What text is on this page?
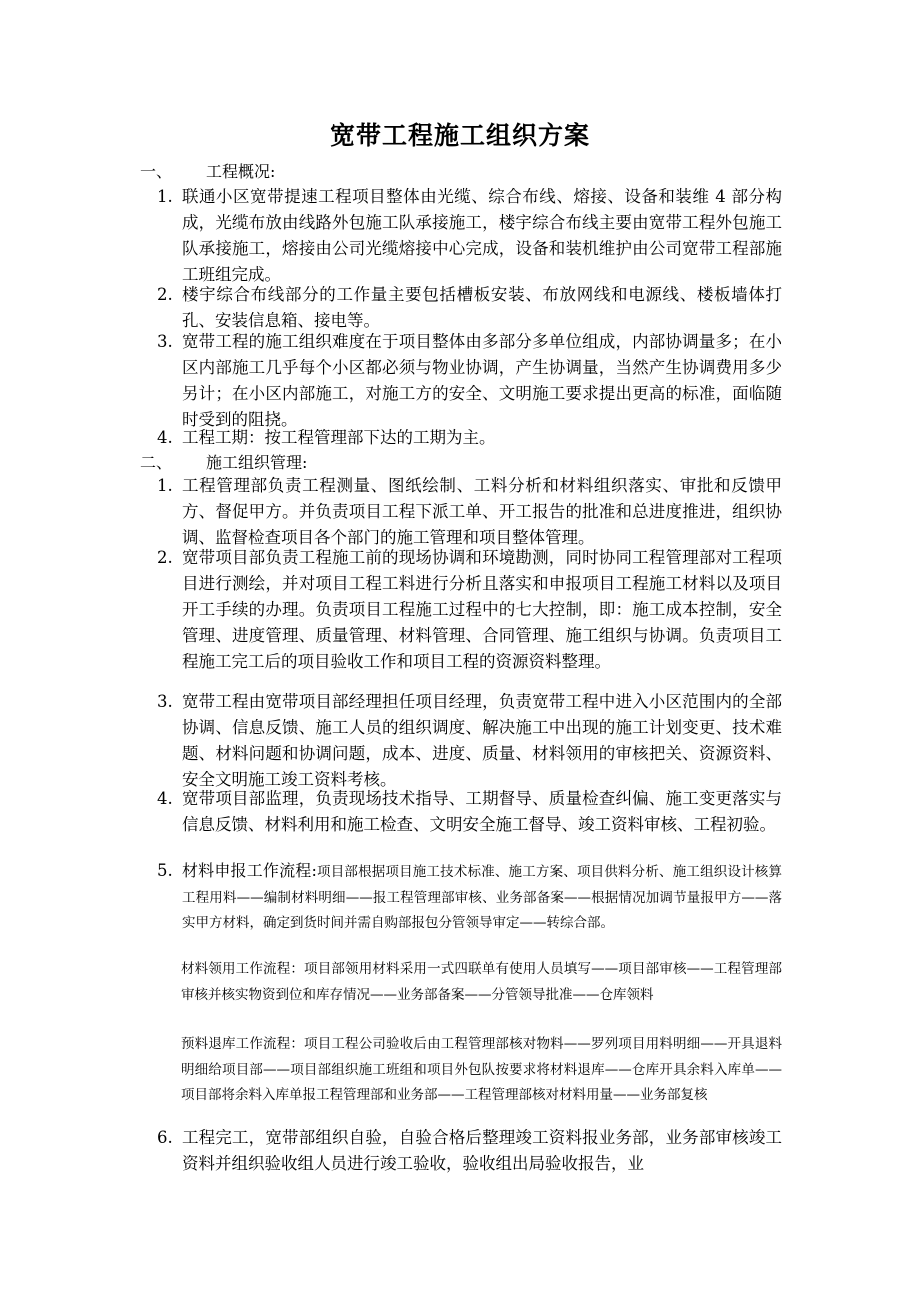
宽带工程施工组织方案
一、 工程概况:
1. 联通小区宽带提速工程项目整体由光缆、综合布线、熔接、设备和装维 4 部分构成，光缆布放由线路外包施工队承接施工，楼宇综合布线主要由宽带工程外包施工队承接施工，熔接由公司光缆熔接中心完成，设备和装机维护由公司宽带工程部施工班组完成。
2. 楼宇综合布线部分的工作量主要包括槽板安装、布放网线和电源线、楼板墙体打孔、安装信息箱、接电等。
3. 宽带工程的施工组织难度在于项目整体由多部分多单位组成，内部协调量多；在小区内部施工几乎每个小区都必须与物业协调，产生协调量，当然产生协调费用多少另计；在小区内部施工，对施工方的安全、文明施工要求提出更高的标准，面临随时受到的阻挠。
4. 工程工期：按工程管理部下达的工期为主。
二、 施工组织管理:
1. 工程管理部负责工程测量、图纸绘制、工料分析和材料组织落实、审批和反馈甲方、督促甲方。并负责项目工程下派工单、开工报告的批准和总进度推进，组织协调、监督检查项目各个部门的施工管理和项目整体管理。
2. 宽带项目部负责工程施工前的现场协调和环境勘测，同时协同工程管理部对工程项目进行测绘，并对项目工程工料进行分析且落实和申报项目工程施工材料以及项目开工手续的办理。负责项目工程施工过程中的七大控制，即：施工成本控制，安全管理、进度管理、质量管理、材料管理、合同管理、施工组织与协调。负责项目工程施工完工后的项目验收工作和项目工程的资源资料整理。
3. 宽带工程由宽带项目部经理担任项目经理，负责宽带工程中进入小区范围内的全部协调、信息反馈、施工人员的组织调度、解决施工中出现的施工计划变更、技术难题、材料问题和协调问题，成本、进度、质量、材料领用的审核把关、资源资料、安全文明施工竣工资料考核。
4. 宽带项目部监理，负责现场技术指导、工期督导、质量检查纠偏、施工变更落实与信息反馈、材料利用和施工检查、文明安全施工督导、竣工资料审核、工程初验。
5. 材料申报工作流程:项目部根据项目施工技术标准、施工方案、项目供料分析、施工组织设计核算工程用料——编制材料明细——报工程管理部审核、业务部备案——根据情况加调节量报甲方——落实甲方材料，确定到货时间并需自购部报包分管领导审定——转综合部。
材料领用工作流程：项目部领用材料采用一式四联单有使用人员填写——项目部审核——工程管理部审核并核实物资到位和库存情况——业务部备案——分管领导批准——仓库领料
预料退库工作流程：项目工程公司验收后由工程管理部核对物料——罗列项目用料明细——开具退料明细给项目部——项目部组织施工班组和项目外包队按要求将材料退库——仓库开具余料入库单——项目部将余料入库单报工程管理部和业务部——工程管理部核对材料用量——业务部复核
6. 工程完工，宽带部组织自验，自验合格后整理竣工资料报业务部，业务部审核竣工资料并组织验收组人员进行竣工验收，验收组出局验收报告，业
